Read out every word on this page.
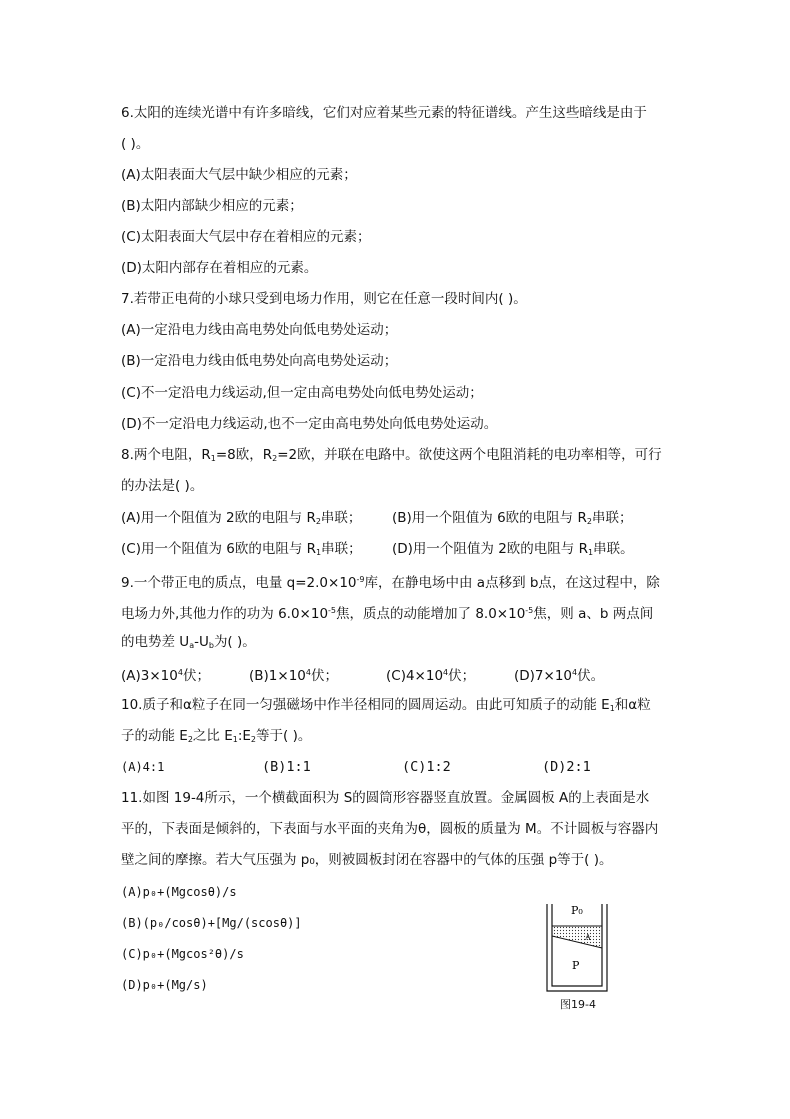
6.太阳的连续光谱中有许多暗线，它们对应着某些元素的特征谱线。产生这些暗线是由于
( )。
(A)太阳表面大气层中缺少相应的元素；
(B)太阳内部缺少相应的元素；
(C)太阳表面大气层中存在着相应的元素；
(D)太阳内部存在着相应的元素。
7.若带正电荷的小球只受到电场力作用，则它在任意一段时间内( )。
(A)一定沿电力线由高电势处向低电势处运动；
(B)一定沿电力线由低电势处向高电势处运动；
(C)不一定沿电力线运动,但一定由高电势处向低电势处运动；
(D)不一定沿电力线运动,也不一定由高电势处向低电势处运动。
8.两个电阻，$R_1=8$欧，$R_2=2$欧，并联在电路中。欲使这两个电阻消耗的电功率相等，可行
的办法是( )。
(A)用一个阻值为 2欧的电阻与 $R_2$串联； (B)用一个阻值为 6欧的电阻与 $R_2$串联；
(C)用一个阻值为 6欧的电阻与 $R_1$串联； (D)用一个阻值为 2欧的电阻与 $R_1$串联。
9.一个带正电的质点，电量 $q=2.0\times 10^{-9}$库，在静电场中由 a点移到 b点，在这过程中，除
电场力外,其他力作的功为 $6.0\times 10^{-5}$焦，质点的动能增加了 $8.0\times 10^{-5}$焦，则 a、b 两点间
的电势差 $U_a-U_b$为( )。
$(A)3\times 10^4$伏；	$(B)1\times 10^4$伏；	$(C)4\times 10^4$伏；	$(D)7\times 10^4$伏。
10.质子和α粒子在同一匀强磁场中作半径相同的圆周运动。由此可知质子的动能 $E_1$和α粒
子的动能 $E_2$之比 $E_1:E_2$等于( )。
(A)4:1	(B)1:1	(C)1:2	(D)2:1
11.如图 19-4所示，一个横截面积为 S的圆筒形容器竖直放置。金属圆板 A的上表面是水
平的，下表面是倾斜的，下表面与水平面的夹角为θ，圆板的质量为 M。不计圆板与容器内
壁之间的摩擦。若大气压强为 p₀，则被圆板封闭在容器中的气体的压强 p等于( )。
(A)p₀+(Mgcosθ)/s
(B)(p₀/cosθ)+[Mg/(scosθ)]
(C)p₀+(Mgcos²θ)/s
(D)p₀+(Mg/s)
P₀
A
P
图19-4
